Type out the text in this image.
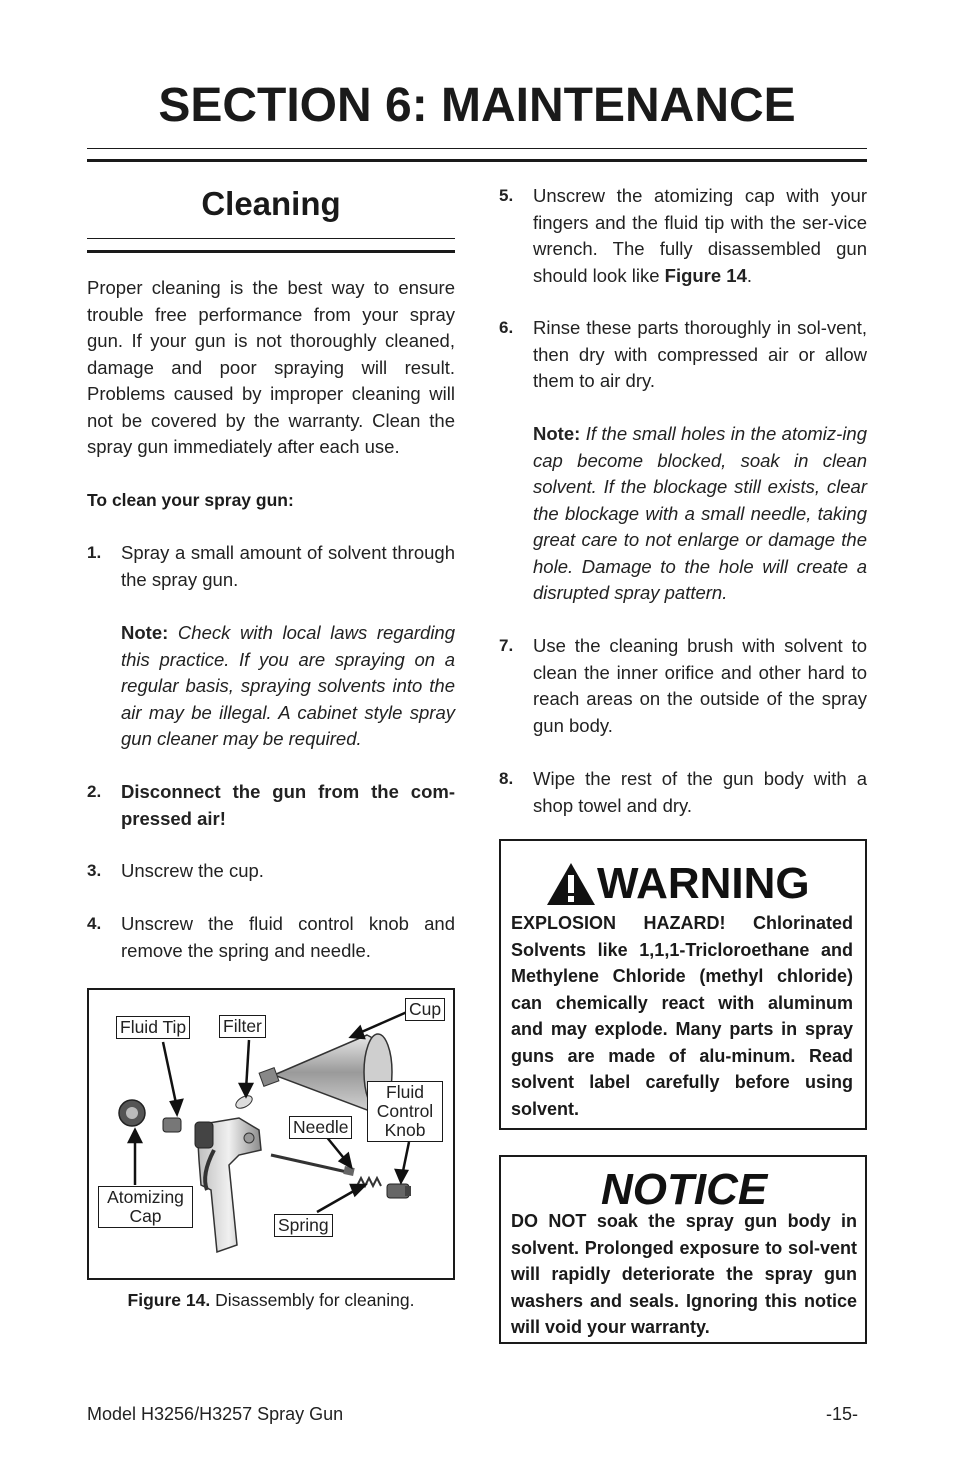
SECTION 6: MAINTENANCE
Cleaning
Proper cleaning is the best way to ensure trouble free performance from your spray gun. If your gun is not thoroughly cleaned, damage and poor spraying will result. Problems caused by improper cleaning will not be covered by the warranty. Clean the spray gun immediately after each use.
To clean your spray gun:
1. Spray a small amount of solvent through the spray gun.
Note: Check with local laws regarding this practice. If you are spraying on a regular basis, spraying solvents into the air may be illegal. A cabinet style spray gun cleaner may be required.
2. Disconnect the gun from the com-pressed air!
3. Unscrew the cup.
4. Unscrew the fluid control knob and remove the spring and needle.
Fluid Tip Filter
Cup
Fluid Control Knob
Needle
Atomizing Cap	Spring
Figure 14. Disassembly for cleaning.
5. Unscrew the atomizing cap with your fingers and the fluid tip with the ser-vice wrench. The fully disassembled gun should look like Figure 14.
6. Rinse these parts thoroughly in sol-vent, then dry with compressed air or allow them to air dry.
Note: If the small holes in the atomiz-ing cap become blocked, soak in clean solvent. If the blockage still exists, clear the blockage with a small needle, taking great care to not enlarge or damage the hole. Damage to the hole will create a disrupted spray pattern.
7. Use the cleaning brush with solvent to clean the inner orifice and other hard to reach areas on the outside of the spray gun body.
8. Wipe the rest of the gun body with a shop towel and dry.
WARNING
EXPLOSION HAZARD! Chlorinated Solvents like 1,1,1-Tricloroethane and Methylene Chloride (methyl chloride) can chemically react with aluminum and may explode. Many parts in spray guns are made of alu-minum. Read solvent label carefully before using solvent.
NOTICE
DO NOT soak the spray gun body in solvent. Prolonged exposure to sol-vent will rapidly deteriorate the spray gun washers and seals. Ignoring this notice will void your warranty.
Model H3256/H3257 Spray Gun	-15-
